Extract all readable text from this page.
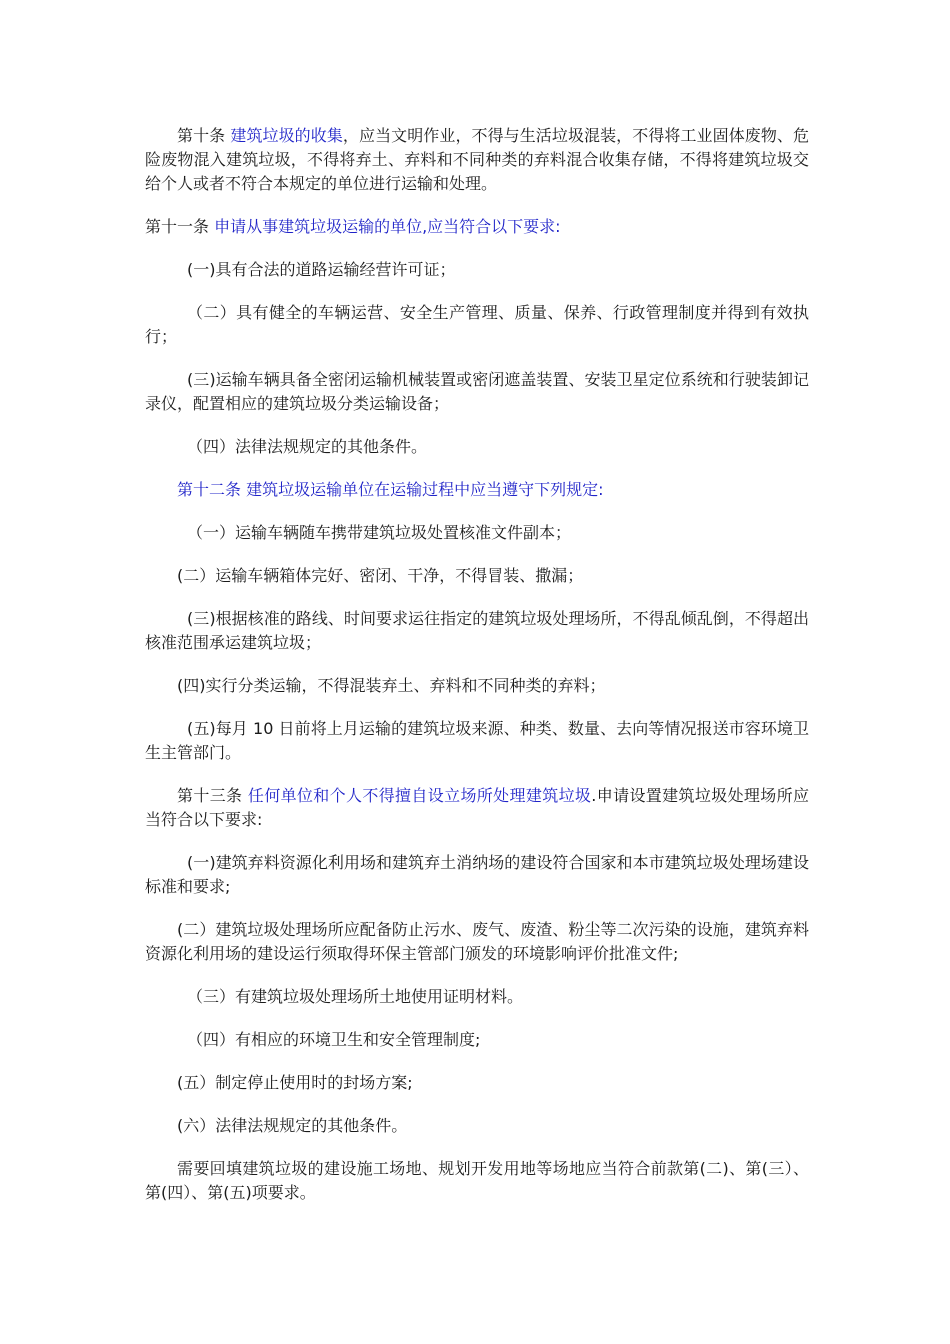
第十条 建筑垃圾的收集，应当文明作业，不得与生活垃圾混装，不得将工业固体废物、危险废物混入建筑垃圾，不得将弃土、弃料和不同种类的弃料混合收集存储，不得将建筑垃圾交给个人或者不符合本规定的单位进行运输和处理。

第十一条 申请从事建筑垃圾运输的单位,应当符合以下要求:

(一)具有合法的道路运输经营许可证；

（二）具有健全的车辆运营、安全生产管理、质量、保养、行政管理制度并得到有效执行；

(三)运输车辆具备全密闭运输机械装置或密闭遮盖装置、安装卫星定位系统和行驶装卸记录仪，配置相应的建筑垃圾分类运输设备；

（四）法律法规规定的其他条件。

第十二条 建筑垃圾运输单位在运输过程中应当遵守下列规定:

（一）运输车辆随车携带建筑垃圾处置核准文件副本；

(二）运输车辆箱体完好、密闭、干净，不得冒装、撒漏；

(三)根据核准的路线、时间要求运往指定的建筑垃圾处理场所，不得乱倾乱倒，不得超出核准范围承运建筑垃圾；

(四)实行分类运输，不得混装弃土、弃料和不同种类的弃料；

(五)每月 10 日前将上月运输的建筑垃圾来源、种类、数量、去向等情况报送市容环境卫生主管部门。

第十三条 任何单位和个人不得擅自设立场所处理建筑垃圾.申请设置建筑垃圾处理场所应当符合以下要求:

(一)建筑弃料资源化利用场和建筑弃土消纳场的建设符合国家和本市建筑垃圾处理场建设标准和要求;

(二）建筑垃圾处理场所应配备防止污水、废气、废渣、粉尘等二次污染的设施，建筑弃料资源化利用场的建设运行须取得环保主管部门颁发的环境影响评价批准文件;

（三）有建筑垃圾处理场所土地使用证明材料。

（四）有相应的环境卫生和安全管理制度;

(五）制定停止使用时的封场方案;

(六）法律法规规定的其他条件。

需要回填建筑垃圾的建设施工场地、规划开发用地等场地应当符合前款第(二)、第(三）、第(四）、第(五)项要求。
